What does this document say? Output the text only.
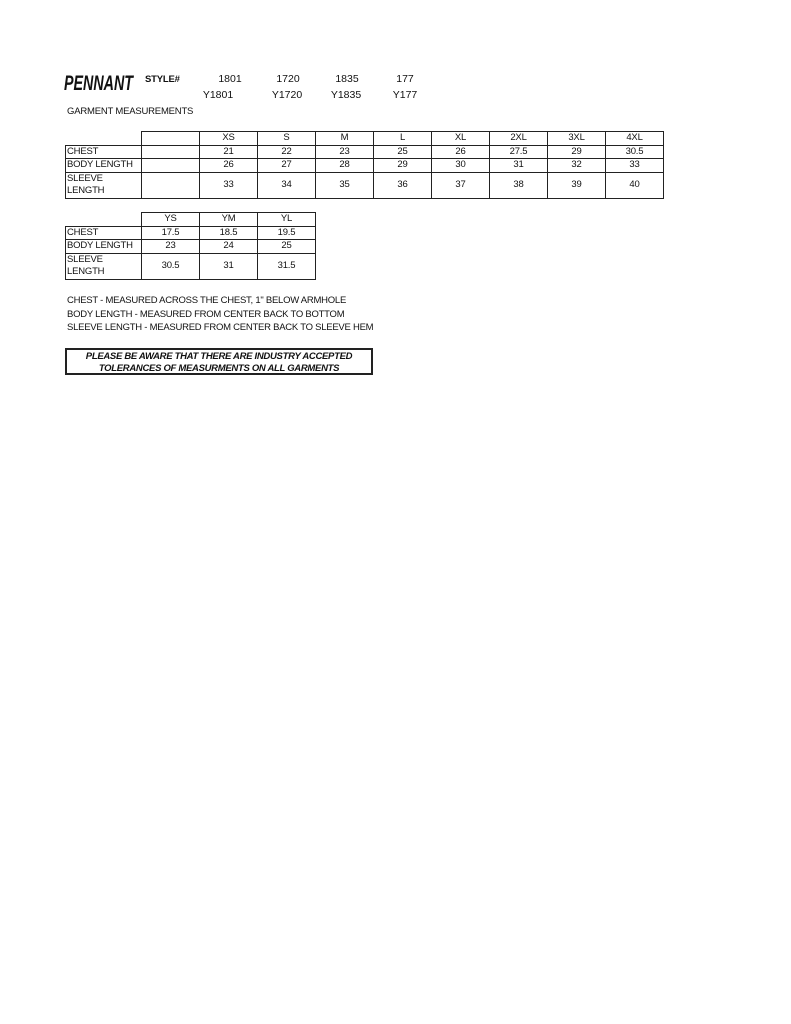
PENNANT STYLE#	1801	1720	1835	177
Y1801	Y1720	Y1835	Y177
GARMENT MEASUREMENTS
		XS	S	M	L	XL	2XL	3XL	4XL
CHEST		21	22	23	25	26	27.5	29	30.5
BODY LENGTH		26	27	28	29	30	31	32	33
SLEEVE LENGTH		33	34	35	36	37	38	39	40
	YS	YM	YL
CHEST	17.5	18.5	19.5
BODY LENGTH	23	24	25
SLEEVE LENGTH	30.5	31	31.5
CHEST - MEASURED ACROSS THE CHEST, 1" BELOW ARMHOLE
BODY LENGTH - MEASURED FROM CENTER BACK TO BOTTOM
SLEEVE LENGTH - MEASURED FROM CENTER BACK TO SLEEVE HEM
PLEASE BE AWARE THAT THERE ARE INDUSTRY ACCEPTED
TOLERANCES OF MEASURMENTS ON ALL GARMENTS
